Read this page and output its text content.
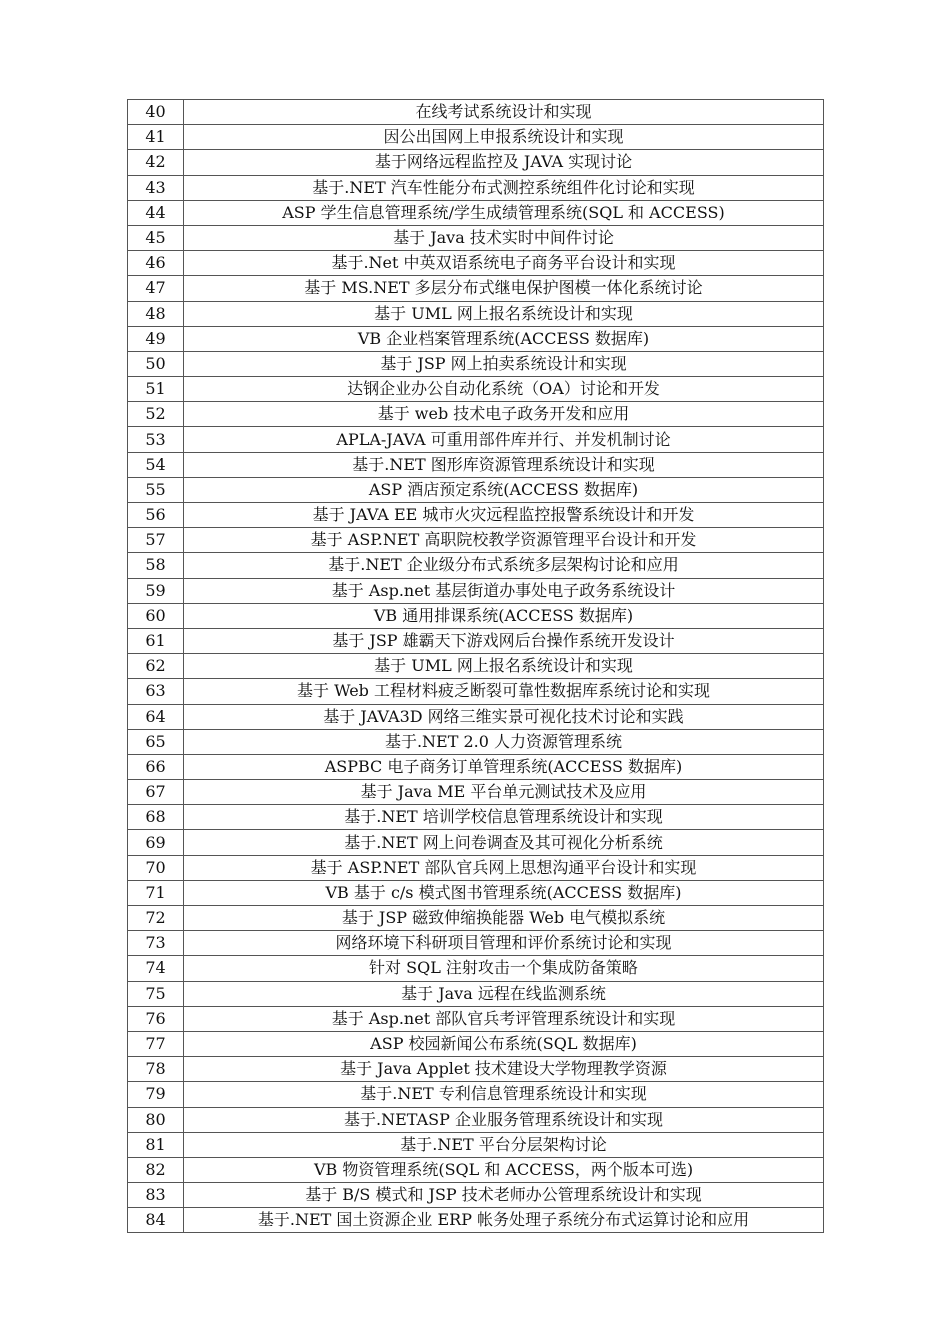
40	在线考试系统设计和实现
41	因公出国网上申报系统设计和实现
42	基于网络远程监控及 JAVA 实现讨论
43	基于.NET 汽车性能分布式测控系统组件化讨论和实现
44	ASP 学生信息管理系统/学生成绩管理系统(SQL 和 ACCESS)
45	基于 Java 技术实时中间件讨论
46	基于.Net 中英双语系统电子商务平台设计和实现
47	基于 MS.NET 多层分布式继电保护图模一体化系统讨论
48	基于 UML 网上报名系统设计和实现
49	VB 企业档案管理系统(ACCESS 数据库)
50	基于 JSP 网上拍卖系统设计和实现
51	达钢企业办公自动化系统（OA）讨论和开发
52	基于 web 技术电子政务开发和应用
53	APLA-JAVA 可重用部件库并行、并发机制讨论
54	基于.NET 图形库资源管理系统设计和实现
55	ASP 酒店预定系统(ACCESS 数据库)
56	基于 JAVA EE 城市火灾远程监控报警系统设计和开发
57	基于 ASP.NET 高职院校教学资源管理平台设计和开发
58	基于.NET 企业级分布式系统多层架构讨论和应用
59	基于 Asp.net 基层街道办事处电子政务系统设计
60	VB 通用排课系统(ACCESS 数据库)
61	基于 JSP 雄霸天下游戏网后台操作系统开发设计
62	基于 UML 网上报名系统设计和实现
63	基于 Web 工程材料疲乏断裂可靠性数据库系统讨论和实现
64	基于 JAVA3D 网络三维实景可视化技术讨论和实践
65	基于.NET 2.0 人力资源管理系统
66	ASPBC 电子商务订单管理系统(ACCESS 数据库)
67	基于 Java ME 平台单元测试技术及应用
68	基于.NET 培训学校信息管理系统设计和实现
69	基于.NET 网上问卷调查及其可视化分析系统
70	基于 ASP.NET 部队官兵网上思想沟通平台设计和实现
71	VB 基于 c/s 模式图书管理系统(ACCESS 数据库)
72	基于 JSP 磁致伸缩换能器 Web 电气模拟系统
73	网络环境下科研项目管理和评价系统讨论和实现
74	针对 SQL 注射攻击一个集成防备策略
75	基于 Java 远程在线监测系统
76	基于 Asp.net 部队官兵考评管理系统设计和实现
77	ASP 校园新闻公布系统(SQL 数据库)
78	基于 Java Applet 技术建设大学物理教学资源
79	基于.NET 专利信息管理系统设计和实现
80	基于.NETASP 企业服务管理系统设计和实现
81	基于.NET 平台分层架构讨论
82	VB 物资管理系统(SQL 和 ACCESS，两个版本可选)
83	基于 B/S 模式和 JSP 技术老师办公管理系统设计和实现
84	基于.NET 国土资源企业 ERP 帐务处理子系统分布式运算讨论和应用
